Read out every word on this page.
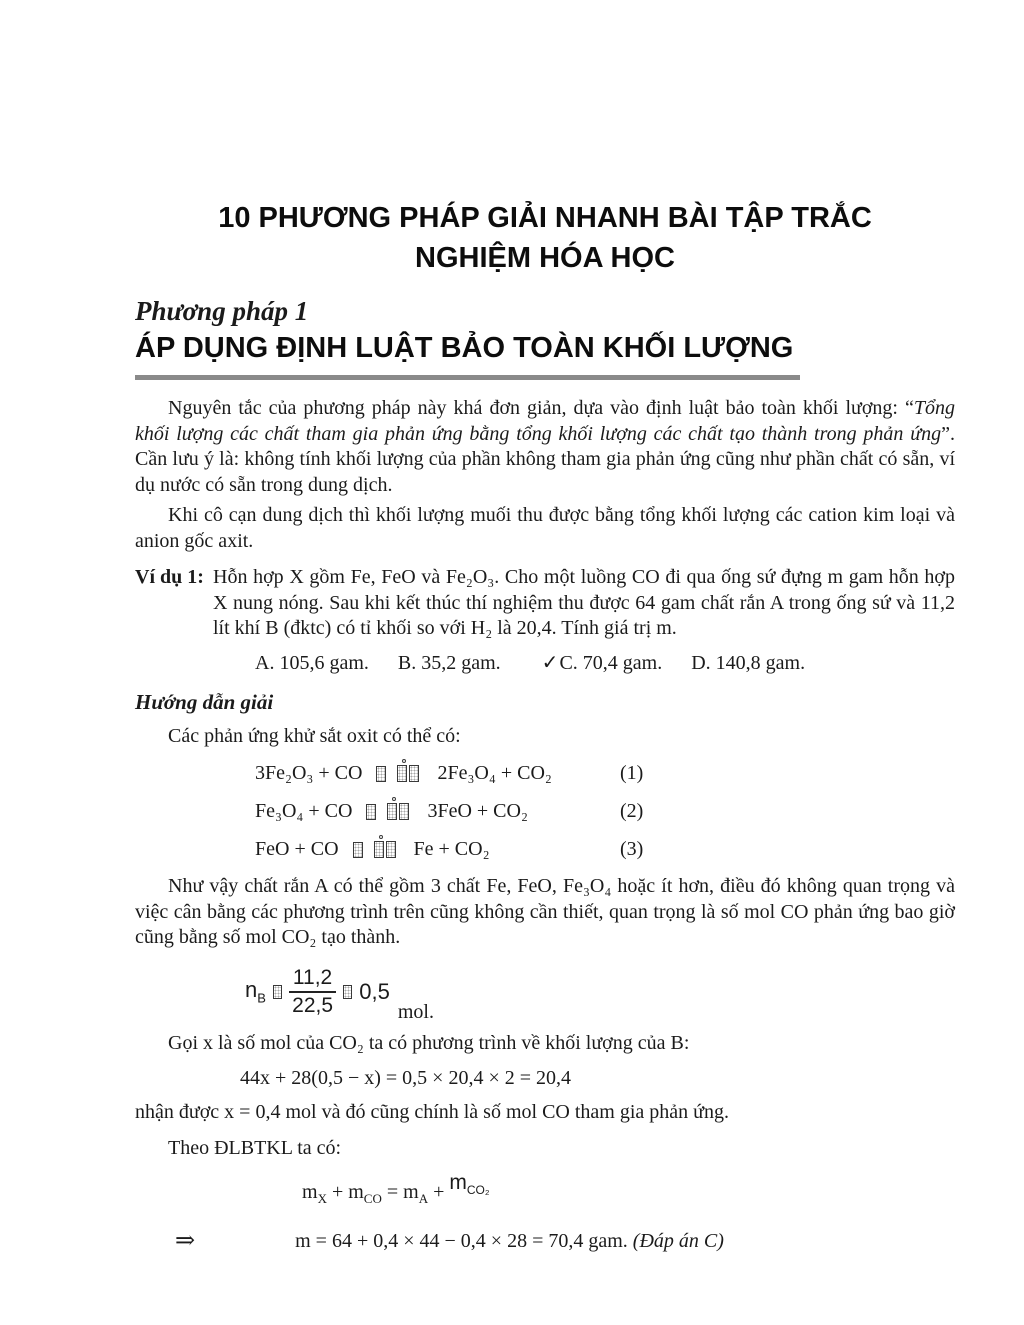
10 PHƯƠNG PHÁP GIẢI NHANH BÀI TẬP TRẮC
NGHIỆM HÓA HỌC
Phương pháp 1
ÁP DỤNG ĐỊNH LUẬT BẢO TOÀN KHỐI LƯỢNG

Nguyên tắc của phương pháp này khá đơn giản, dựa vào định luật bảo toàn khối lượng: “Tổng khối lượng các chất tham gia phản ứng bằng tổng khối lượng các chất tạo thành trong phản ứng”. Cần lưu ý là: không tính khối lượng của phần không tham gia phản ứng cũng như phần chất có sẵn, ví dụ nước có sẵn trong dung dịch.

Khi cô cạn dung dịch thì khối lượng muối thu được bằng tổng khối lượng các cation kim loại và anion gốc axit.

Ví dụ 1: Hỗn hợp X gồm Fe, FeO và Fe₂O₃. Cho một luồng CO đi qua ống sứ đựng m gam hỗn hợp X nung nóng. Sau khi kết thúc thí nghiệm thu được 64 gam chất rắn A trong ống sứ và 11,2 lít khí B (đktc) có tỉ khối so với H₂ là 20,4. Tính giá trị m.
A. 105,6 gam. B. 35,2 gam. ✓C. 70,4 gam. D. 140,8 gam.
Hướng dẫn giải

Các phản ứng khử sắt oxit có thể có:

3Fe₂O₃ + CO	2Fe₃O₄ + CO₂	(1)
Fe₃O₄ + CO	3FeO + CO₂	(2)
FeO + CO	Fe + CO₂	(3)

Như vậy chất rắn A có thể gồm 3 chất Fe, FeO, Fe₃O₄ hoặc ít hơn, điều đó không quan trọng và việc cân bằng các phương trình trên cũng không cần thiết, quan trọng là số mol CO phản ứng bao giờ cũng bằng số mol CO₂ tạo thành.

$n_B \frac{11,2}{22,5} 0,5$
mol.

Gọi x là số mol của CO₂ ta có phương trình về khối lượng của B:

44x + 28(0,5 − x) = 0,5 × 20,4 × 2 = 20,4

nhận được x = 0,4 mol và đó cũng chính là số mol CO tham gia phản ứng.

Theo ĐLBTKL ta có:

$m_X + m_{CO} = m_A + m_{CO_2}$
⇒	m = 64 + 0,4 × 44 − 0,4 × 28 = 70,4 gam. (Đáp án C)
